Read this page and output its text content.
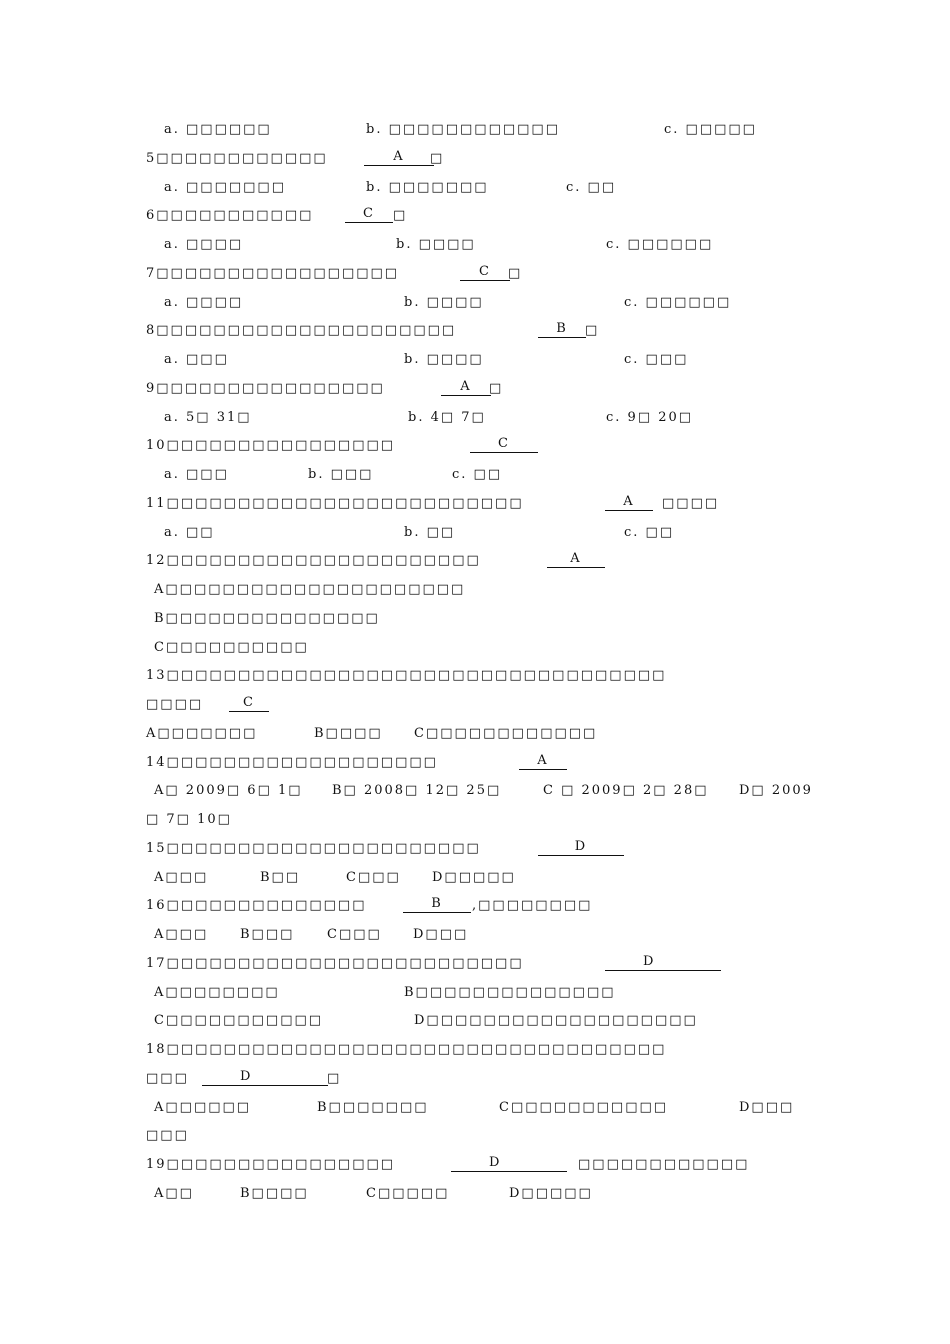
a. □□□□□□	b. □□□□□□□□□□□□	c. □□□□□
5□□□□□□□□□□□□	A	□
a. □□□□□□□	b. □□□□□□□	c. □□
6□□□□□□□□□□□	C	□
a. □□□□	b. □□□□	c. □□□□□□
7□□□□□□□□□□□□□□□□□	C	□
a. □□□□	b. □□□□	c. □□□□□□
8□□□□□□□□□□□□□□□□□□□□□	B	□
a. □□□	b. □□□□	c. □□□
9□□□□□□□□□□□□□□□□	A	□
a. 5□ 31□	b. 4□ 7□	c. 9□ 20□
10□□□□□□□□□□□□□□□□	C
a. □□□	b. □□□	c. □□
11□□□□□□□□□□□□□□□□□□□□□□□□□	A	□□□□
a. □□	b. □□	c. □□
12□□□□□□□□□□□□□□□□□□□□□□	A
A□□□□□□□□□□□□□□□□□□□□□
B□□□□□□□□□□□□□□□
C□□□□□□□□□□
13□□□□□□□□□□□□□□□□□□□□□□□□□□□□□□□□□□□
□□□□	C
A□□□□□□□	B□□□□ C□□□□□□□□□□□□
14□□□□□□□□□□□□□□□□□□□	A
A□ 2009□ 6□ 1□ B□ 2008□ 12□ 25□	C □ 2009□ 2□ 28□ D□ 2009
□ 7□ 10□
15□□□□□□□□□□□□□□□□□□□□□□	D
A□□□	B□□	C□□□ D□□□□□
16□□□□□□□□□□□□□□	B	,□□□□□□□□
A□□□ B□□□	C□□□ D□□□
17□□□□□□□□□□□□□□□□□□□□□□□□□	D
A□□□□□□□□	B□□□□□□□□□□□□□□
C□□□□□□□□□□□	D□□□□□□□□□□□□□□□□□□□
18□□□□□□□□□□□□□□□□□□□□□□□□□□□□□□□□□□□
□□□	D	□
A□□□□□□	B□□□□□□□	C□□□□□□□□□□□	D□□□
□□□
19□□□□□□□□□□□□□□□□	D	□□□□□□□□□□□□
A□□	B□□□□	C□□□□□	D□□□□□
